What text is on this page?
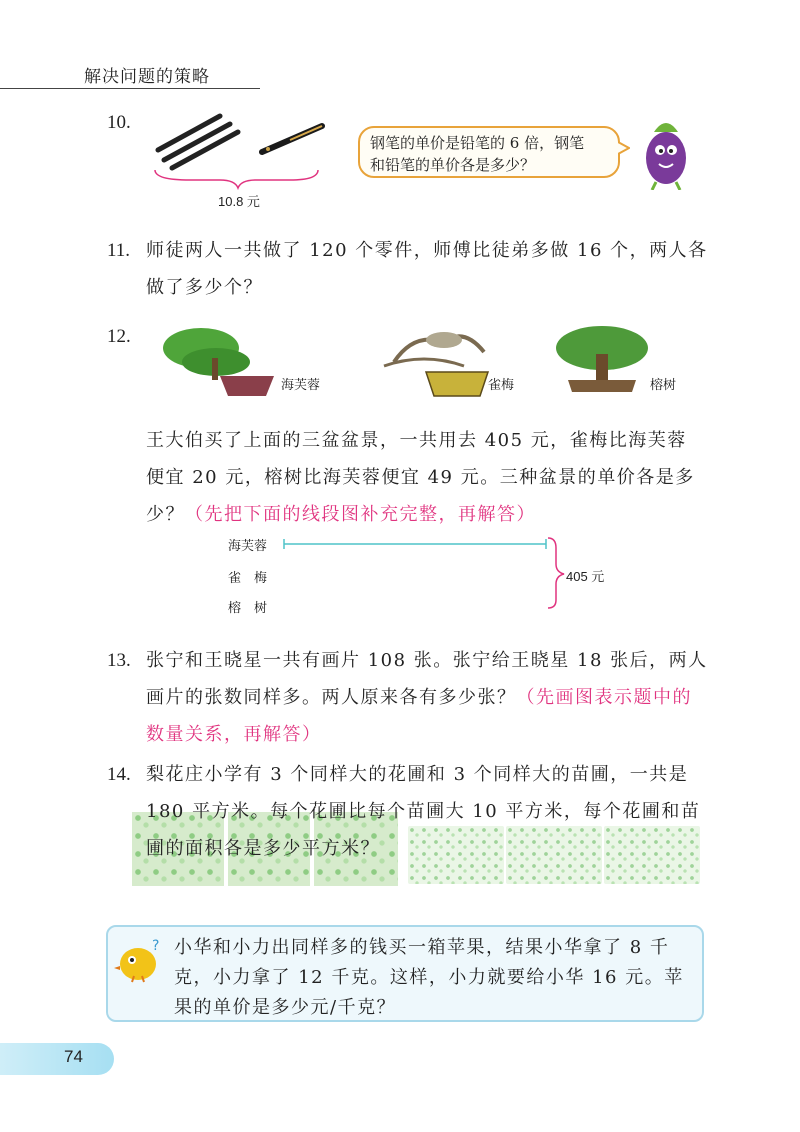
解决问题的策略
10.
10.8 元
钢笔的单价是铅笔的 6 倍，钢笔
和铅笔的单价各是多少？
11. 师徒两人一共做了 120 个零件，师傅比徒弟多做 16 个，两人各
做了多少个？
12.
海芙蓉	雀梅	榕树
王大伯买了上面的三盆盆景，一共用去 405 元，雀梅比海芙蓉
便宜 20 元，榕树比海芙蓉便宜 49 元。三种盆景的单价各是多
少？（先把下面的线段图补充完整，再解答）
海芙蓉
雀　梅
榕　树
405 元
13. 张宁和王晓星一共有画片 108 张。张宁给王晓星 18 张后，两人
画片的张数同样多。两人原来各有多少张？（先画图表示题中的
数量关系，再解答）
14. 梨花庄小学有 3 个同样大的花圃和 3 个同样大的苗圃，一共是
180 平方米。每个花圃比每个苗圃大 10 平方米，每个花圃和苗
圃的面积各是多少平方米？
? 小华和小力出同样多的钱买一箱苹果，结果小华拿了 8 千
克，小力拿了 12 千克。这样，小力就要给小华 16 元。苹
果的单价是多少元/千克？
74
